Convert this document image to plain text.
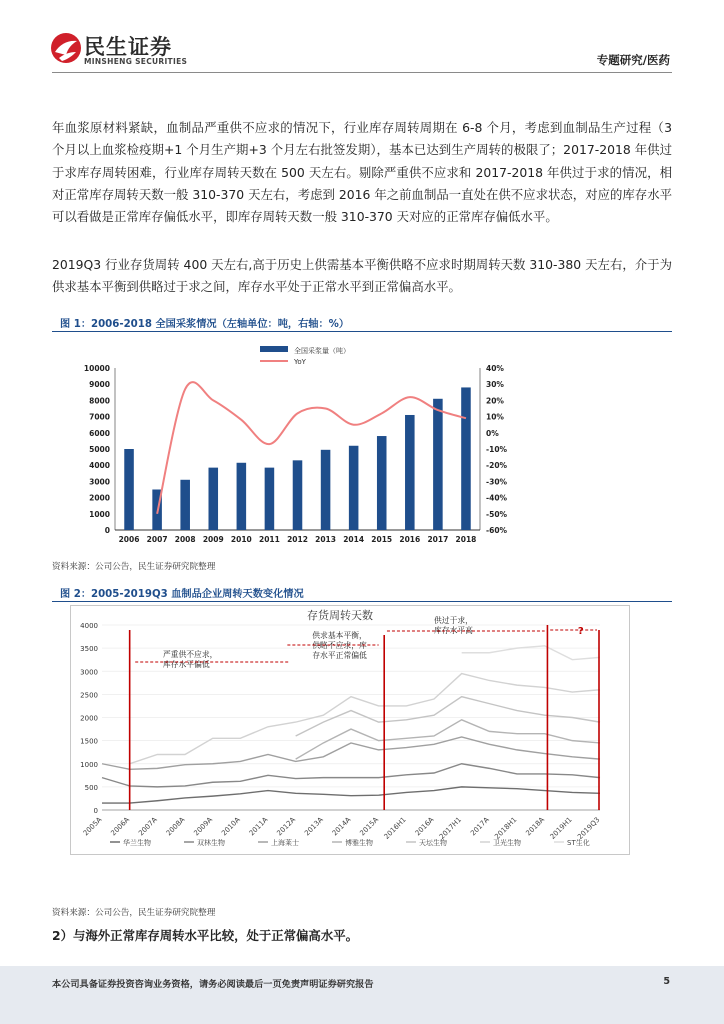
民生证券
MINSHENG SECURITIES	专题研究/医药
年血浆原材料紧缺，血制品严重供不应求的情况下，行业库存周转周期在 6-8 个月，考虑到血制品生产过程（3 个月以上血浆检疫期+1 个月生产期+3 个月左右批签发期），基本已达到生产周转的极限了；2017-2018 年供过于求库存周转困难，行业库存周转天数在 500 天左右。剔除严重供不应求和 2017-2018 年供过于求的情况，相对正常库存周转天数一般 310-370 天左右，考虑到 2016 年之前血制品一直处在供不应求状态，对应的库存水平可以看做是正常库存偏低水平，即库存周转天数一般 310-370 天对应的正常库存偏低水平。
2019Q3 行业存货周转 400 天左右,高于历史上供需基本平衡供略不应求时期周转天数 310-380 天左右，介于为供求基本平衡到供略过于求之间，库存水平处于正常水平到正常偏高水平。
图 1：2006-2018 全国采浆情况（左轴单位：吨，右轴：%）
全国采浆量（吨）
YoY
0
1000
2000
3000
4000
5000
6000
7000
8000
9000
10000	40%
30%
20%
10%
0%
-10%
-20%
-30%
-40%
-50%
-60%
2006 2007 2008 2009 2010 2011 2012 2013 2014 2015 2016 2017 2018
资料来源：公司公告，民生证券研究院整理
图 2：2005-2019Q3 血制品企业周转天数变化情况
存货周转天数
0
500
1000
1500
2000
2500
3000
3500
4000
2005A 2006A 2007A 2008A 2009A 2010A 2011A 2012A 2013A 2014A 2015A 2016H1 2016A 2017H1 2017A 2018H1 2018A 2019H1 2019Q3
华兰生物	双林生物	上海莱士	博雅生物	天坛生物	卫光生物	ST生化
严重供不应求，库存水平偏低
供求基本平衡，供略不应求，库存水平正常偏低
供过于求，库存水平高	?
资料来源：公司公告，民生证券研究院整理
2）与海外正常库存周转水平比较，处于正常偏高水平。
本公司具备证券投资咨询业务资格，请务必阅读最后一页免责声明证券研究报告	5
